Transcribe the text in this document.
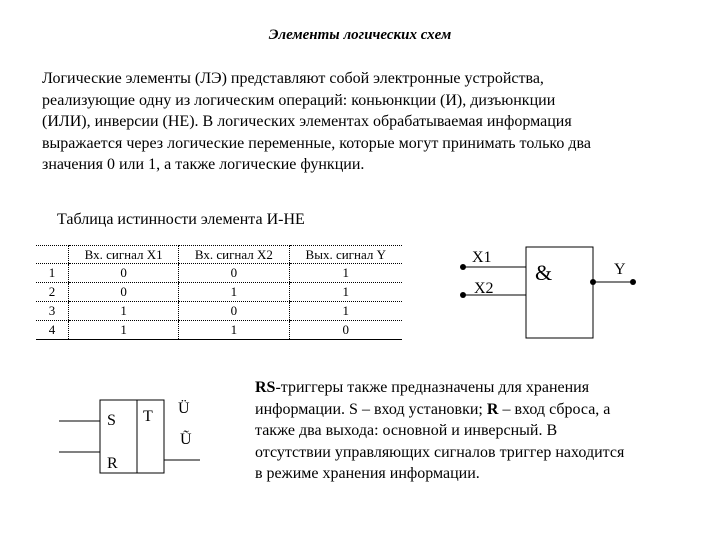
Элементы логических схем
Логические элементы (ЛЭ) представляют собой электронные устройства,
реализующие одну из логическим операций: коньюнкции (И), дизъюнкции
(ИЛИ), инверсии (НЕ). В логических элементах обрабатываемая информация
выражается через логические переменные, которые могут принимать только два
значения 0 или 1, а также логические функции.
Таблица истинности элемента И-НЕ
	Вх. сигнал X1	Вх. сигнал X2	Вых. сигнал Y
1	0	0	1
2	0	1	1
3	1	0	1
4	1	1	0
X1
X2
&	Y
S
R
T Ü
Ũ
RS-триггеры также предназначены для хранения
информации. S – вход установки; R – вход сброса, а
также два выхода: основной и инверсный. В
отсутствии управляющих сигналов триггер находится
в режиме хранения информации.
